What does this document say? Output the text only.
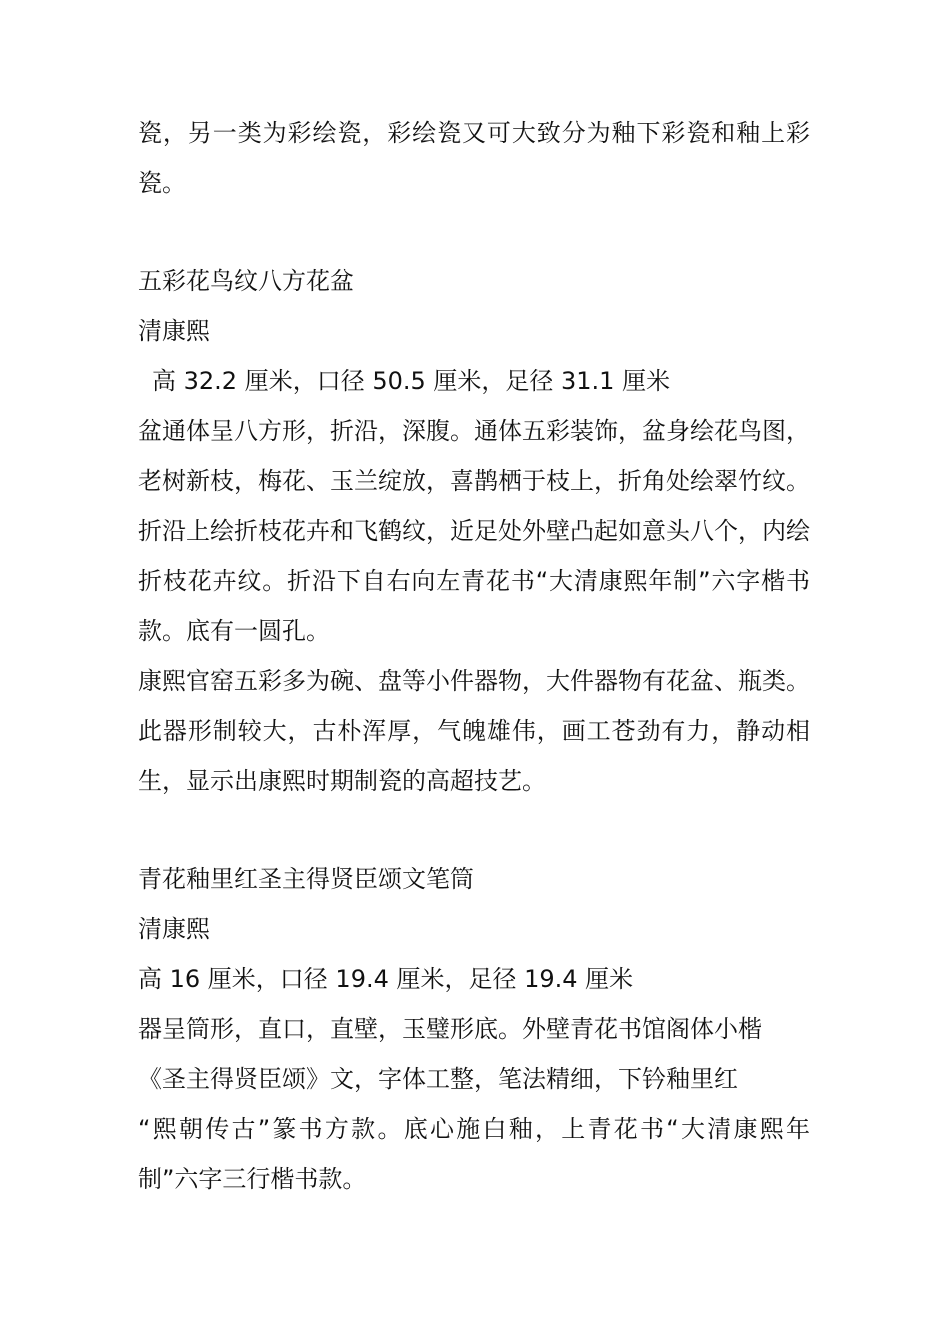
瓷，另一类为彩绘瓷，彩绘瓷又可大致分为釉下彩瓷和釉上彩瓷。

五彩花鸟纹八方花盆

清康熙

高 32.2 厘米，口径 50.5 厘米，足径 31.1 厘米

盆通体呈八方形，折沿，深腹。通体五彩装饰，盆身绘花鸟图，老树新枝，梅花、玉兰绽放，喜鹊栖于枝上，折角处绘翠竹纹。折沿上绘折枝花卉和飞鹤纹，近足处外壁凸起如意头八个，内绘折枝花卉纹。折沿下自右向左青花书“大清康熙年制”六字楷书款。底有一圆孔。

康熙官窑五彩多为碗、盘等小件器物，大件器物有花盆、瓶类。此器形制较大，古朴浑厚，气魄雄伟，画工苍劲有力，静动相生，显示出康熙时期制瓷的高超技艺。

青花釉里红圣主得贤臣颂文笔筒

清康熙

高 16 厘米，口径 19.4 厘米，足径 19.4 厘米

器呈筒形，直口，直壁，玉璧形底。外壁青花书馆阁体小楷

《圣主得贤臣颂》文，字体工整，笔法精细，下钤釉里红

“熙朝传古”篆书方款。底心施白釉，上青花书“大清康熙年制”六字三行楷书款。
